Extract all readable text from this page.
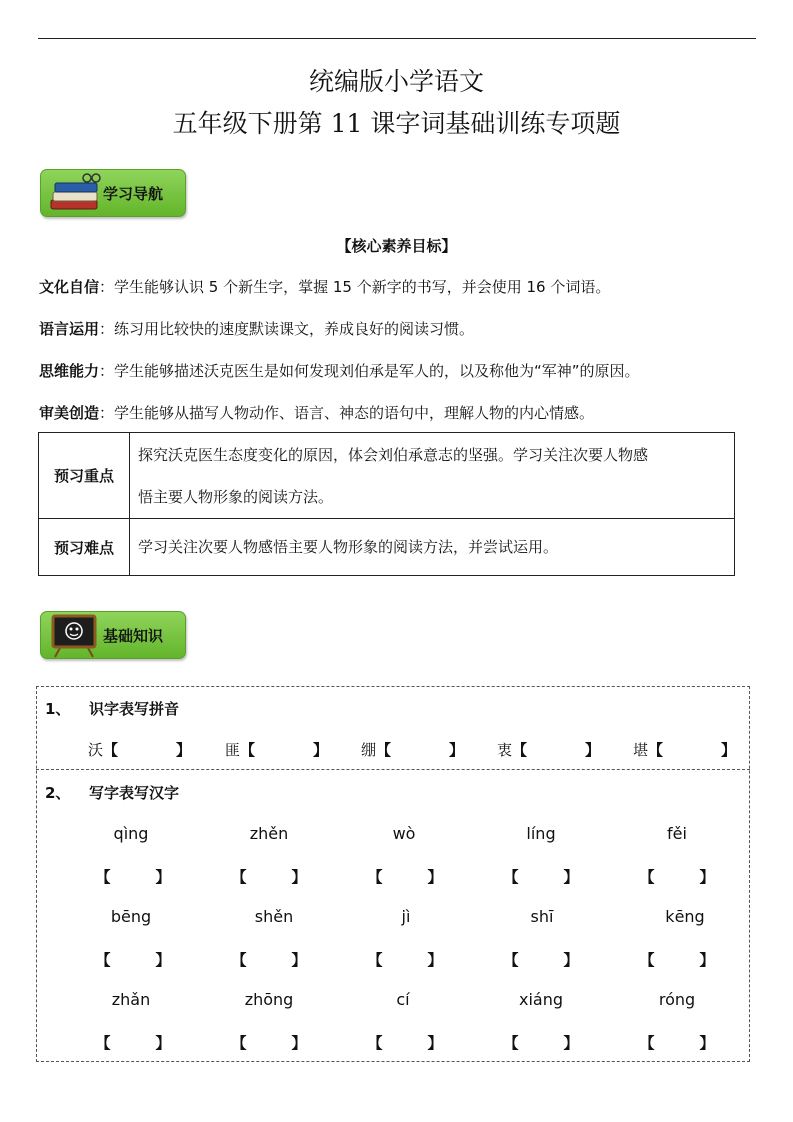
统编版小学语文
五年级下册第 11 课字词基础训练专项题
学习导航
【核心素养目标】
文化自信：学生能够认识 5 个新生字，掌握 15 个新字的书写，并会使用 16 个词语。
语言运用：练习用比较快的速度默读课文，养成良好的阅读习惯。
思维能力：学生能够描述沃克医生是如何发现刘伯承是军人的，以及称他为“军神”的原因。
审美创造：学生能够从描写人物动作、语言、神态的语句中，理解人物的内心情感。
预习重点	探究沃克医生态度变化的原因，体会刘伯承意志的坚强。学习关注次要人物感
悟主要人物形象的阅读方法。

预习难点	学习关注次要人物感悟主要人物形象的阅读方法，并尝试运用。
基础知识
1、 识字表写拼音
沃【	】 匪【	】 绷【	】 衷【	】 堪【	】
2、 写字表写汉字
qìng	zhěn	wò	líng	fěi
【　　　】	【　　　】	【　　　】	【　　　】	【　　　】
bēng	shěn	jì	shī	kēng
【　　　】	【　　　】	【　　　】	【　　　】	【　　　】
zhǎn	zhōng	cí	xiáng	róng
【　　　】	【　　　】	【　　　】	【　　　】	【　　　】
